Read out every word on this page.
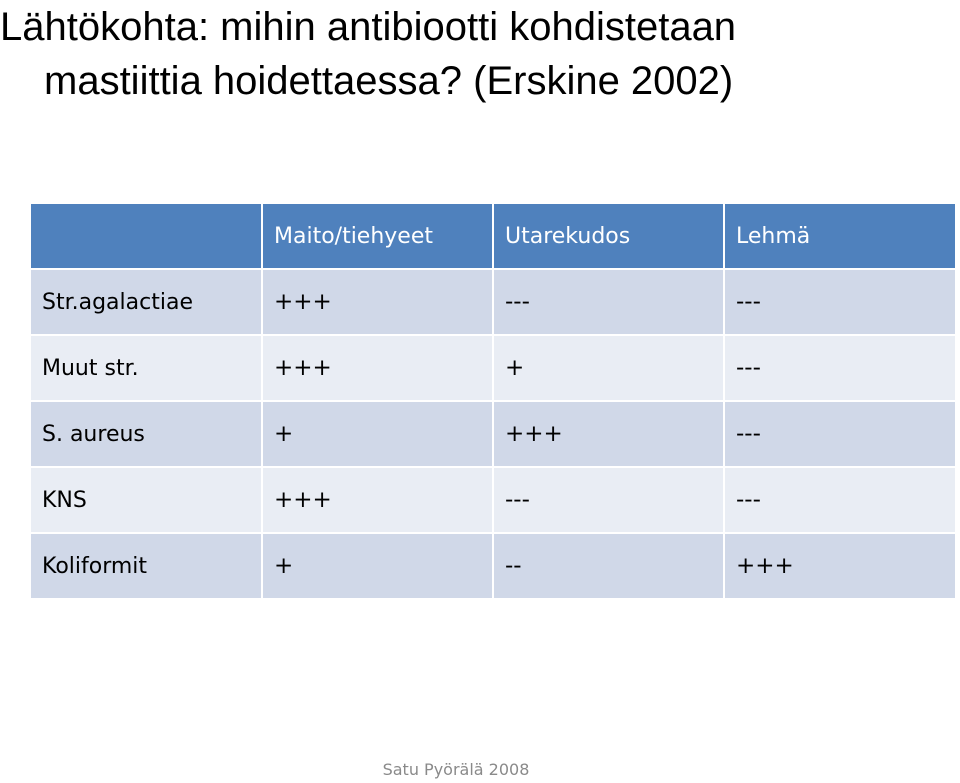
Lähtökohta: mihin antibiootti kohdistetaan
mastiittia hoidettaessa? (Erskine 2002)
	Maito/tiehyeet	Utarekudos	Lehmä
Str.agalactiae	+++	---	---
Muut str.	+++	+	---
S. aureus	+	+++	---
KNS	+++	---	---
Koliformit	+	--	+++
Satu Pyörälä 2008
